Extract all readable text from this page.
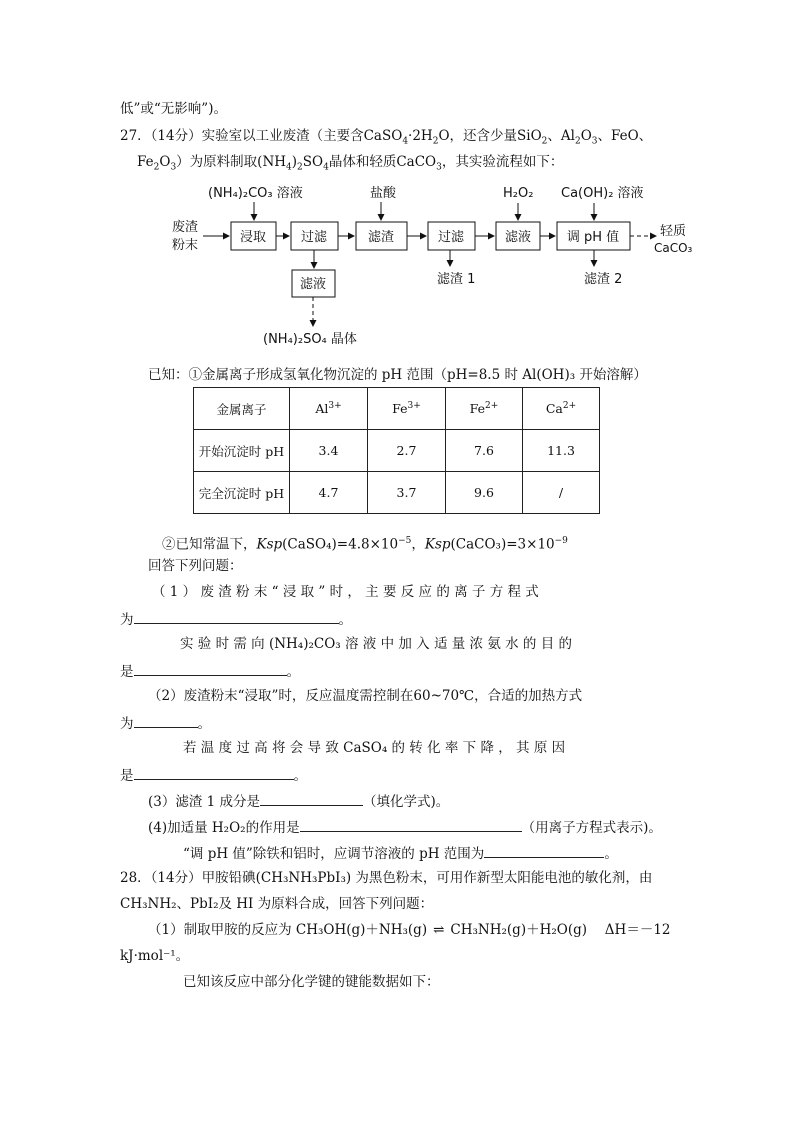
低”或“无影响”)。
27．（14分）实验室以工业废渣（主要含$CaSO_4\cdot 2H_2O$，还含少量SiO$_2$、$Al_2O_3$、FeO、
$Fe_2O_3$）为原料制取$(NH_4)_2SO_4$晶体和轻质CaCO$_3$，其实验流程如下：
(NH₄)₂CO₃ 溶液	盐酸	H₂O₂ Ca(OH)₂ 溶液
废渣
粉末
轻质
CaCO₃
滤渣 1	滤渣 2
(NH₄)₂SO₄ 晶体
浸取	过滤	滤渣	过滤	滤液	调 pH 值
滤液
已知：①金属离子形成氢氧化物沉淀的 pH 范围（pH=8.5 时 Al(OH)₃ 开始溶解）
金属离子	$Al^{3+}$	$Fe^{3+}$	$Fe^{2+}$	$Ca^{2+}$
开始沉淀时 pH	3.4	2.7	7.6	11.3
完全沉淀时 pH	4.7	3.7	9.6	/
②已知常温下，$Ksp(CaSO_4)=4.8\times 10^{-5}$，$Ksp(CaCO_3)=3\times 10^{-9}$
回答下列问题：
（ 1 ） 废 渣 粉 末 “ 浸 取 ” 时 ， 主 要 反 应 的 离 子 方 程 式
为	。
实 验 时 需 向 (NH₄)₂CO₃ 溶 液 中 加 入 适 量 浓 氨 水 的 目 的
是	。
（2）废渣粉末“浸取”时，反应温度需控制在60~70℃，合适的加热方式
为	。
若 温 度 过 高 将 会 导 致 CaSO₄ 的 转 化 率 下 降 ， 其 原 因
是	。
(3）滤渣 1 成分是	（填化学式)。
(4)加适量 H₂O₂的作用是	（用离子方程式表示)。
“调 pH 值”除铁和铝时，应调节溶液的 pH 范围为	。
28．（14分）甲胺铅碘(CH₃NH₃PbI₃) 为黑色粉末，可用作新型太阳能电池的敏化剂，由
CH₃NH₂、PbI₂及 HI 为原料合成，回答下列问题：
（1）制取甲胺的反应为 CH₃OH(g)＋NH₃(g) ⇌ CH₃NH₂(g)＋H₂O(g)　 ΔH＝－12
kJ·mol⁻¹。
已知该反应中部分化学键的键能数据如下：
